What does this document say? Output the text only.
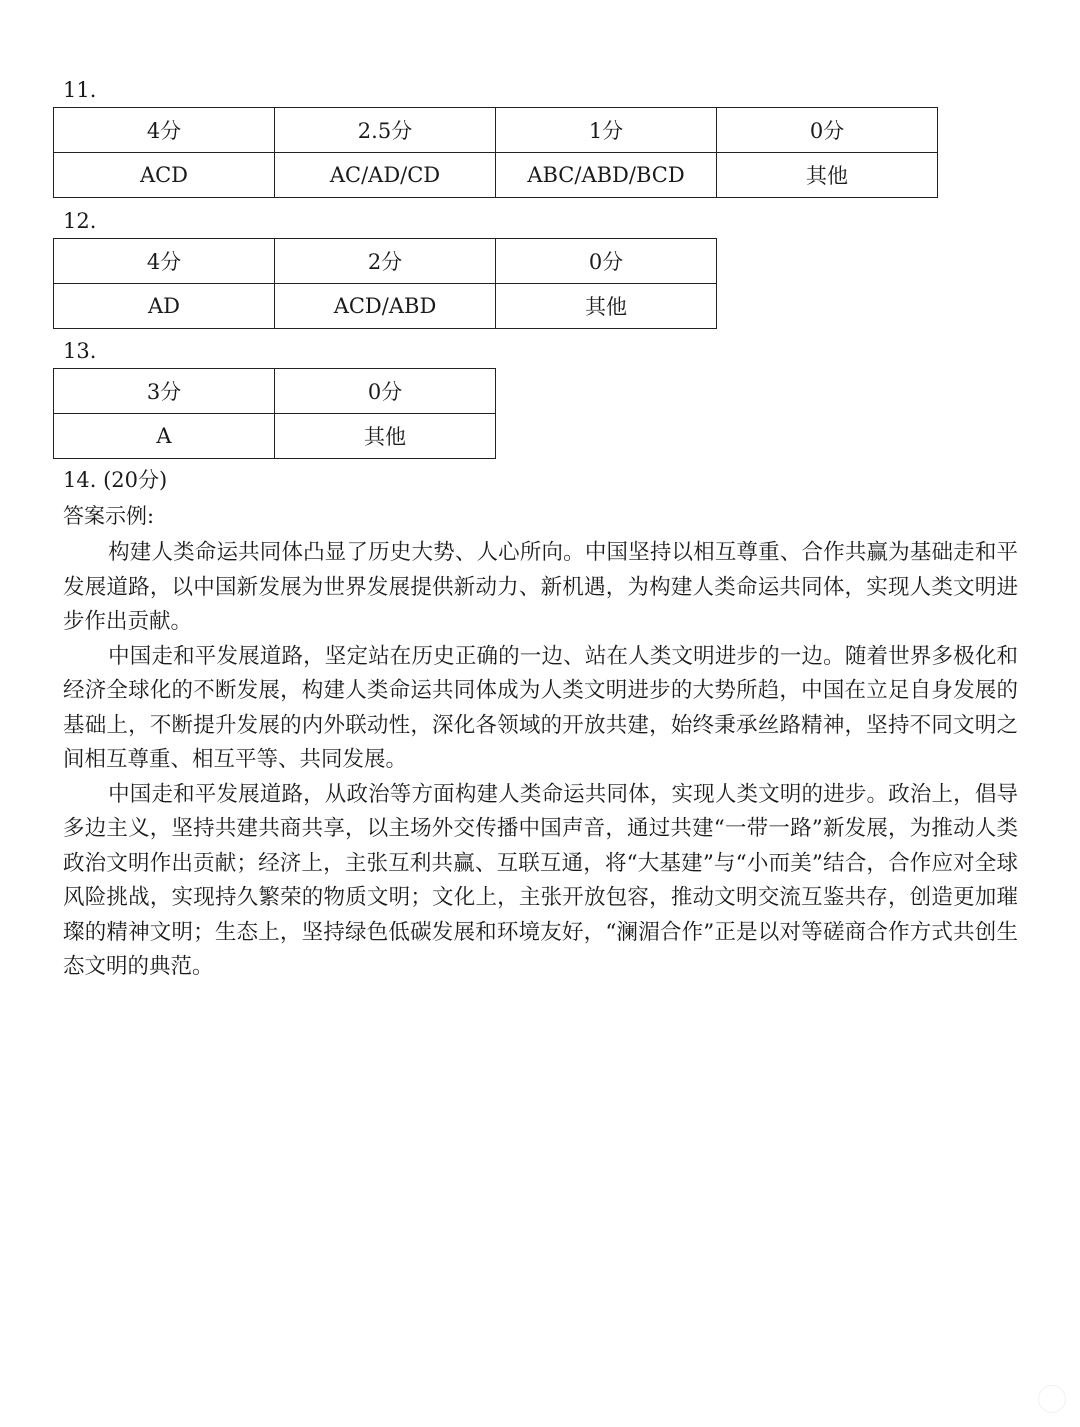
11.
4分	2.5分	1分	0分
ACD	AC/AD/CD	ABC/ABD/BCD	其他
12.
4分	2分	0分
AD	ACD/ABD	其他
13.
3分	0分
A	其他
14. (20分)
答案示例:

构建人类命运共同体凸显了历史大势、人心所向。中国坚持以相互尊重、合作共赢为基础走和平发展道路，以中国新发展为世界发展提供新动力、新机遇，为构建人类命运共同体，实现人类文明进步作出贡献。

中国走和平发展道路，坚定站在历史正确的一边、站在人类文明进步的一边。随着世界多极化和经济全球化的不断发展，构建人类命运共同体成为人类文明进步的大势所趋，中国在立足自身发展的基础上，不断提升发展的内外联动性，深化各领域的开放共建，始终秉承丝路精神，坚持不同文明之间相互尊重、相互平等、共同发展。

中国走和平发展道路，从政治等方面构建人类命运共同体，实现人类文明的进步。政治上，倡导多边主义，坚持共建共商共享，以主场外交传播中国声音，通过共建“一带一路”新发展，为推动人类政治文明作出贡献；经济上，主张互利共赢、互联互通，将“大基建”与“小而美”结合，合作应对全球风险挑战，实现持久繁荣的物质文明；文化上，主张开放包容，推动文明交流互鉴共存，创造更加璀璨的精神文明；生态上，坚持绿色低碳发展和环境友好，“澜湄合作”正是以对等磋商合作方式共创生态文明的典范。
